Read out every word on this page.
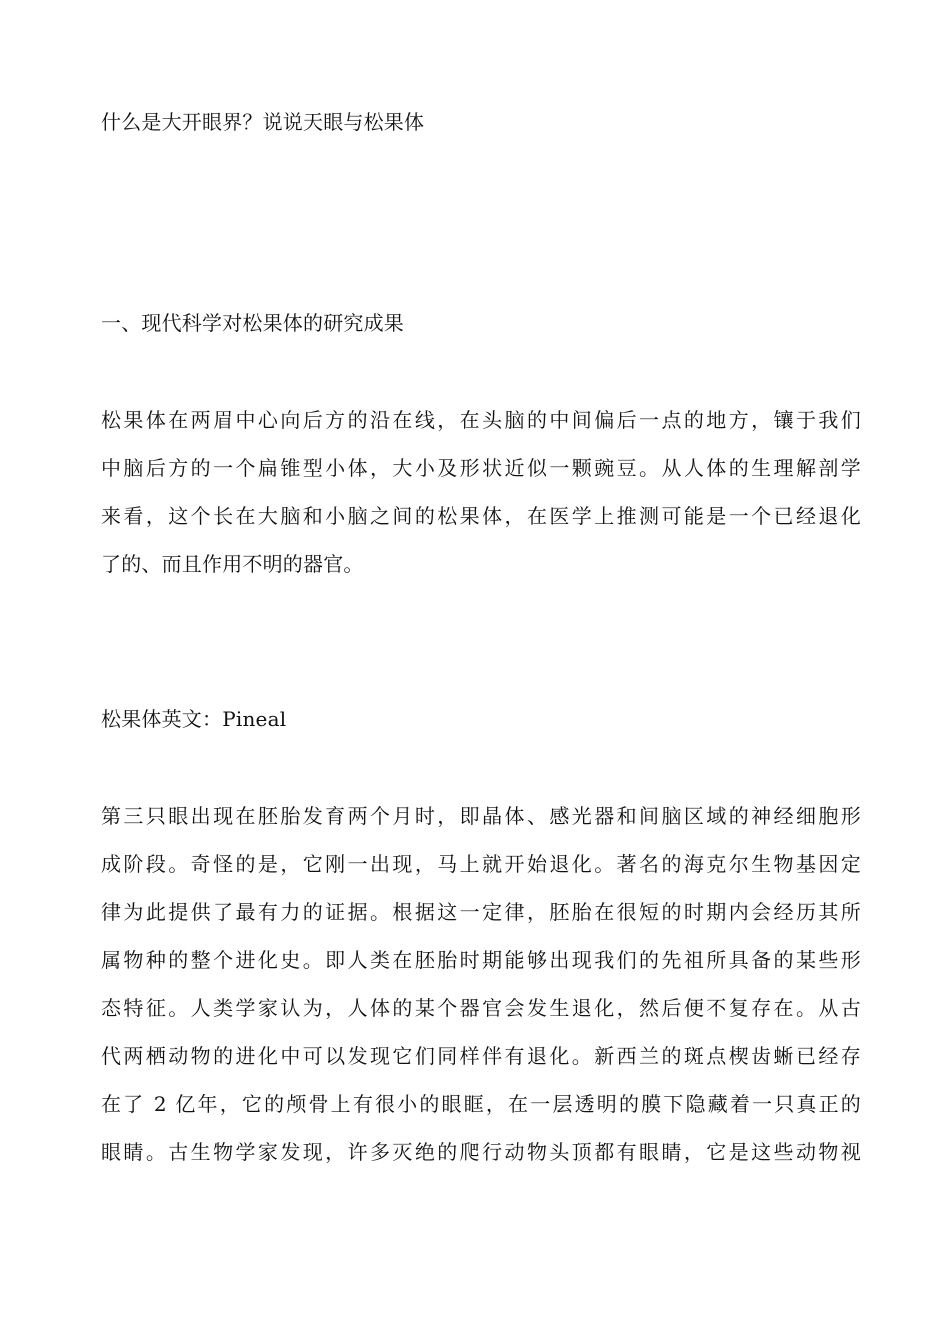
什么是大开眼界？说说天眼与松果体
一、现代科学对松果体的研究成果
松果体在两眉中心向后方的沿在线，在头脑的中间偏后一点的地方，镶于我们
中脑后方的一个扁锥型小体，大小及形状近似一颗豌豆。从人体的生理解剖学
来看，这个长在大脑和小脑之间的松果体，在医学上推测可能是一个已经退化
了的、而且作用不明的器官。
松果体英文：Pineal
第三只眼出现在胚胎发育两个月时，即晶体、感光器和间脑区域的神经细胞形
成阶段。奇怪的是，它刚一出现，马上就开始退化。著名的海克尔生物基因定
律为此提供了最有力的证据。根据这一定律，胚胎在很短的时期内会经历其所
属物种的整个进化史。即人类在胚胎时期能够出现我们的先祖所具备的某些形
态特征。人类学家认为，人体的某个器官会发生退化，然后便不复存在。从古
代两栖动物的进化中可以发现它们同样伴有退化。新西兰的斑点楔齿蜥已经存
在了 2 亿年，它的颅骨上有很小的眼眶，在一层透明的膜下隐藏着一只真正的
眼睛。古生物学家发现，许多灭绝的爬行动物头顶都有眼睛，它是这些动物视
